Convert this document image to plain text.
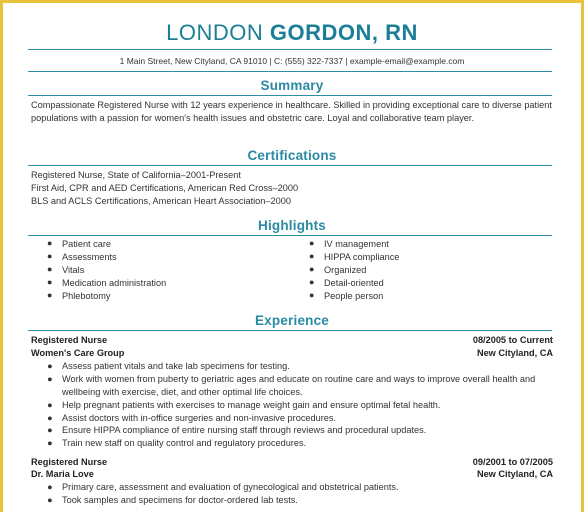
LONDON GORDON, RN
1 Main Street, New Cityland, CA 91010 | C: (555) 322-7337 | example-email@example.com
Summary
Compassionate Registered Nurse with 12 years experience in healthcare. Skilled in providing exceptional care to diverse patient populations with a passion for women's health issues and obstetric care. Loyal and collaborative team player.
Certifications
Registered Nurse, State of California–2001-Present
First Aid, CPR and AED Certifications, American Red Cross–2000
BLS and ACLS Certifications, American Heart Association–2000
Highlights
● Patient care
● Assessments
● Vitals
● Medication administration
● Phlebotomy
● IV management
● HIPPA compliance
● Organized
● Detail-oriented
● People person
Experience
Registered Nurse	08/2005 to Current
Women's Care Group	New Cityland, CA
● Assess patient vitals and take lab specimens for testing.
● Work with women from puberty to geriatric ages and educate on routine care and ways to improve overall health and wellbeing with exercise, diet, and other optimal life choices.
● Help pregnant patients with exercises to manage weight gain and ensure optimal fetal health.
● Assist doctors with in-office surgeries and non-invasive procedures.
● Ensure HIPPA compliance of entire nursing staff through reviews and procedural updates.
● Train new staff on quality control and regulatory procedures.
Registered Nurse	09/2001 to 07/2005
Dr. Maria Love	New Cityland, CA
● Primary care, assessment and evaluation of gynecological and obstetrical patients.
● Took samples and specimens for doctor-ordered lab tests.
